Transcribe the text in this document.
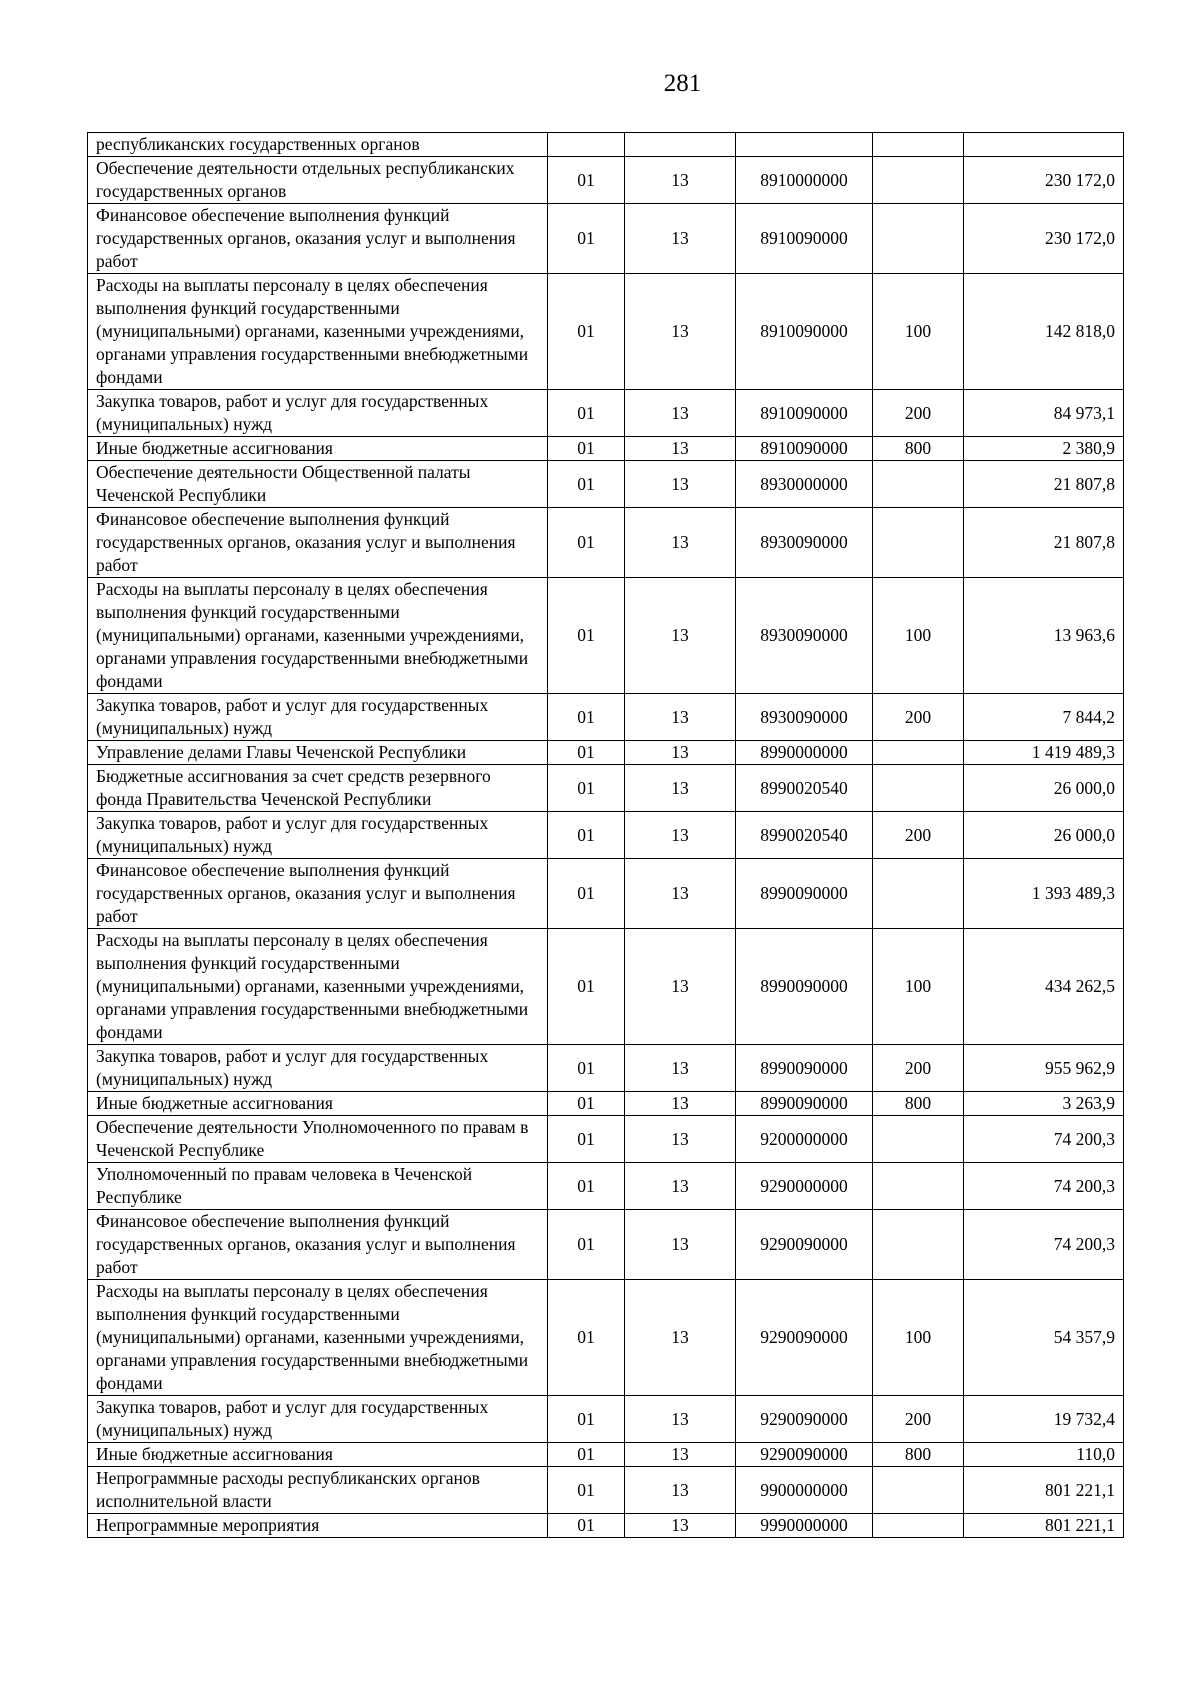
281
республиканских государственных органов					
Обеспечение деятельности отдельных республиканских государственных органов	01	13	8910000000		230 172,0
Финансовое обеспечение выполнения функций государственных органов, оказания услуг и выполнения работ	01	13	8910090000		230 172,0
Расходы на выплаты персоналу в целях обеспечения выполнения функций государственными (муниципальными) органами, казенными учреждениями, органами управления государственными внебюджетными фондами	01	13	8910090000	100	142 818,0
Закупка товаров, работ и услуг для государственных (муниципальных) нужд	01	13	8910090000	200	84 973,1
Иные бюджетные ассигнования	01	13	8910090000	800	2 380,9
Обеспечение деятельности Общественной палаты Чеченской Республики	01	13	8930000000		21 807,8
Финансовое обеспечение выполнения функций государственных органов, оказания услуг и выполнения работ	01	13	8930090000		21 807,8
Расходы на выплаты персоналу в целях обеспечения выполнения функций государственными (муниципальными) органами, казенными учреждениями, органами управления государственными внебюджетными фондами	01	13	8930090000	100	13 963,6
Закупка товаров, работ и услуг для государственных (муниципальных) нужд	01	13	8930090000	200	7 844,2
Управление делами Главы Чеченской Республики	01	13	8990000000		1 419 489,3
Бюджетные ассигнования за счет средств резервного фонда Правительства Чеченской Республики	01	13	8990020540		26 000,0
Закупка товаров, работ и услуг для государственных (муниципальных) нужд	01	13	8990020540	200	26 000,0
Финансовое обеспечение выполнения функций государственных органов, оказания услуг и выполнения работ	01	13	8990090000		1 393 489,3
Расходы на выплаты персоналу в целях обеспечения выполнения функций государственными (муниципальными) органами, казенными учреждениями, органами управления государственными внебюджетными фондами	01	13	8990090000	100	434 262,5
Закупка товаров, работ и услуг для государственных (муниципальных) нужд	01	13	8990090000	200	955 962,9
Иные бюджетные ассигнования	01	13	8990090000	800	3 263,9
Обеспечение деятельности Уполномоченного по правам в Чеченской Республике	01	13	9200000000		74 200,3
Уполномоченный по правам человека в Чеченской Республике	01	13	9290000000		74 200,3
Финансовое обеспечение выполнения функций государственных органов, оказания услуг и выполнения работ	01	13	9290090000		74 200,3
Расходы на выплаты персоналу в целях обеспечения выполнения функций государственными (муниципальными) органами, казенными учреждениями, органами управления государственными внебюджетными фондами	01	13	9290090000	100	54 357,9
Закупка товаров, работ и услуг для государственных (муниципальных) нужд	01	13	9290090000	200	19 732,4
Иные бюджетные ассигнования	01	13	9290090000	800	110,0
Непрограммные расходы республиканских органов исполнительной власти	01	13	9900000000		801 221,1
Непрограммные мероприятия	01	13	9990000000		801 221,1
